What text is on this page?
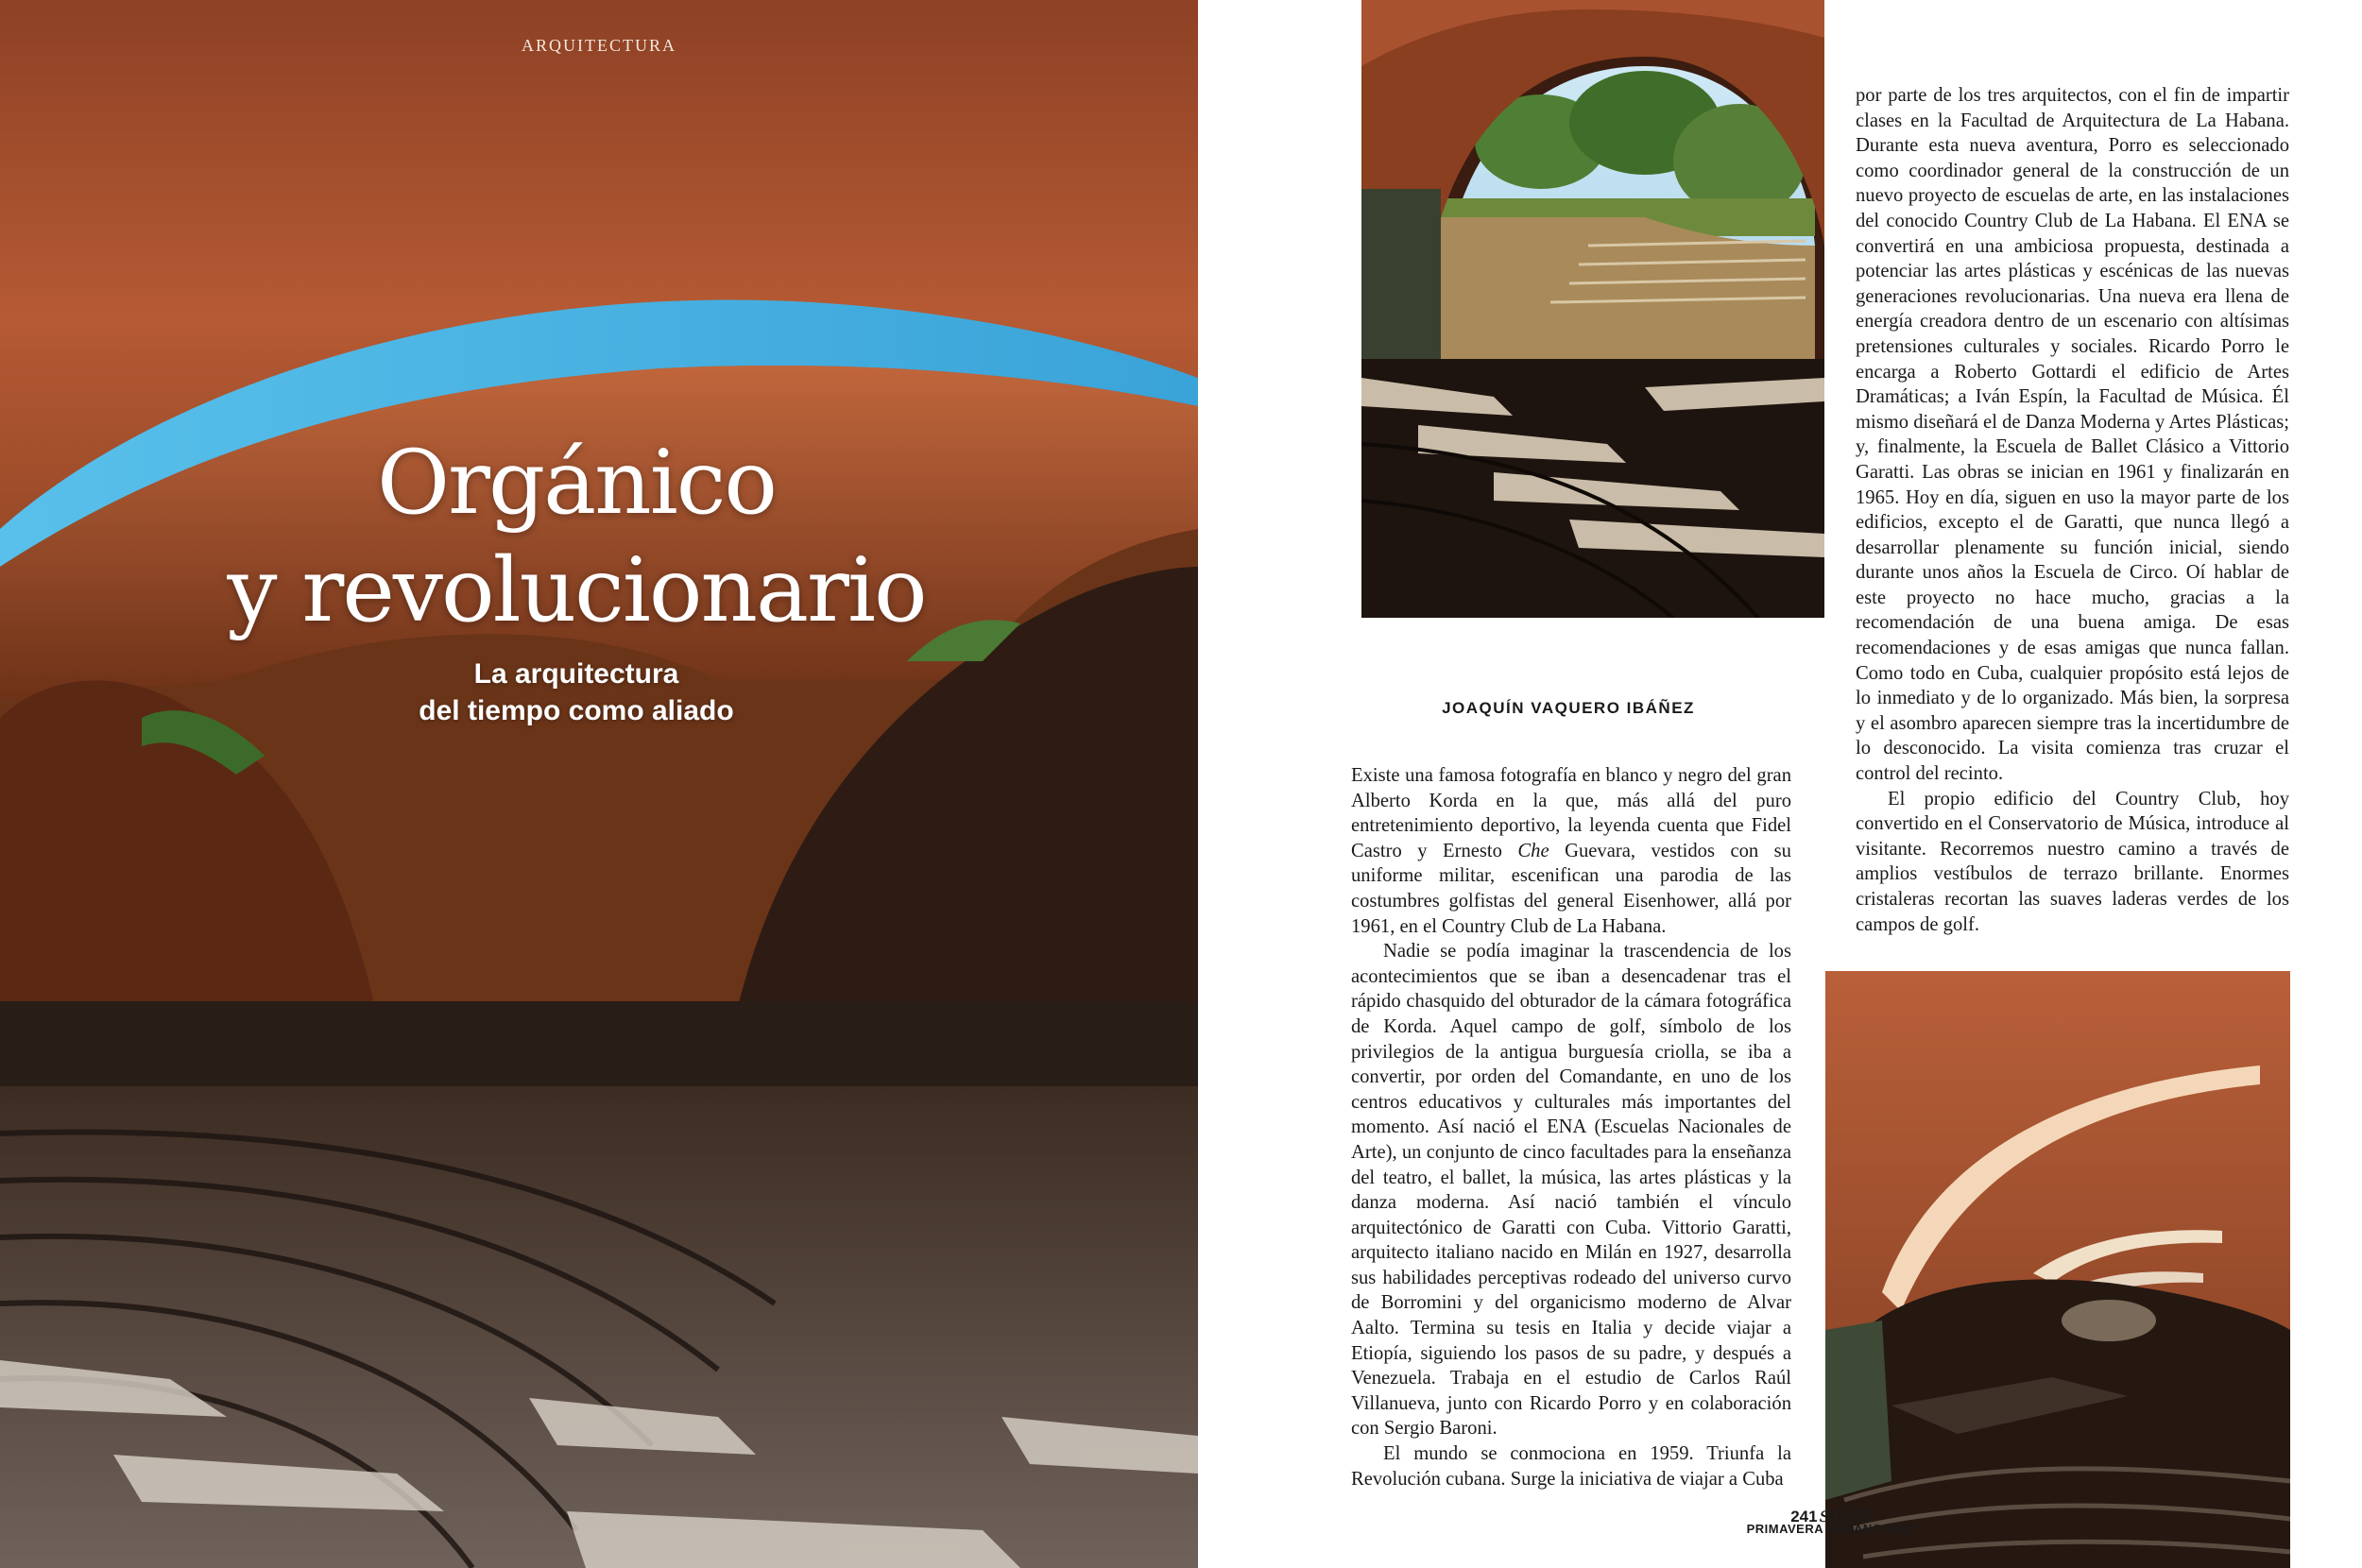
ARQUITECTURA
Orgánico
y revolucionario
La arquitectura
del tiempo como aliado	JOAQUÍN VAQUERO IBÁÑEZ

Existe una famosa fotografía en blanco y negro del gran Alberto Korda en la que, más allá del puro entretenimiento deportivo, la leyenda cuenta que Fidel Castro y Ernesto Che Guevara, vestidos con su uniforme militar, escenifican una parodia de las costumbres golfistas del general Eisenhower, allá por 1961, en el Country Club de La Habana.

Nadie se podía imaginar la trascendencia de los acontecimientos que se iban a desencadenar tras el rápido chasquido del obturador de la cámara fotográfica de Korda. Aquel campo de golf, símbolo de los privilegios de la antigua burguesía criolla, se iba a convertir, por orden del Comandante, en uno de los centros educativos y culturales más importantes del momento. Así nació el ENA (Escuelas Nacionales de Arte), un conjunto de cinco facultades para la enseñanza del teatro, el ballet, la música, las artes plásticas y la danza moderna. Así nació también el vínculo arquitectónico de Garatti con Cuba. Vittorio Garatti, arquitecto italiano nacido en Milán en 1927, desarrolla sus habilidades perceptivas rodeado del universo curvo de Borromini y del organicismo moderno de Alvar Aalto. Termina su tesis en Italia y decide viajar a Etiopía, siguiendo los pasos de su padre, y después a Venezuela. Trabaja en el estudio de Carlos Raúl Villanueva, junto con Ricardo Porro y en colaboración con Sergio Baroni.

El mundo se conmociona en 1959. Triunfa la Revolución cubana. Surge la iniciativa de viajar a Cuba

por parte de los tres arquitectos, con el fin de impartir clases en la Facultad de Arquitectura de La Habana. Durante esta nueva aventura, Porro es seleccionado como coordinador general de la construcción de un nuevo proyecto de escuelas de arte, en las instalaciones del conocido Country Club de La Habana. El ENA se convertirá en una ambiciosa propuesta, destinada a potenciar las artes plásticas y escénicas de las nuevas generaciones revolucionarias. Una nueva era llena de energía creadora dentro de un escenario con altísimas pretensiones culturales y sociales. Ricardo Porro le encarga a Roberto Gottardi el edificio de Artes Dramáticas; a Iván Espín, la Facultad de Música. Él mismo diseñará el de Danza Moderna y Artes Plásticas; y, finalmente, la Escuela de Ballet Clásico a Vittorio Garatti. Las obras se inician en 1961 y finalizarán en 1965. Hoy en día, siguen en uso la mayor parte de los edificios, excepto el de Garatti, que nunca llegó a desarrollar plenamente su función inicial, siendo durante unos años la Escuela de Circo. Oí hablar de este proyecto no hace mucho, gracias a la recomendación de una buena amiga. De esas recomendaciones y de esas amigas que nunca fallan. Como todo en Cuba, cualquier propósito está lejos de lo inmediato y de lo organizado. Más bien, la sorpresa y el asombro aparecen siempre tras la incertidumbre de lo desconocido. La visita comienza tras cruzar el control del recinto.

El propio edificio del Country Club, hoy convertido en el Conservatorio de Música, introduce al visitante. Recorremos nuestro camino a través de amplios vestíbulos de terrazo brillante. Enormes cristaleras recortan las suaves laderas verdes de los campos de golf.

241solar
PRIMAVERA VERANO 2017
